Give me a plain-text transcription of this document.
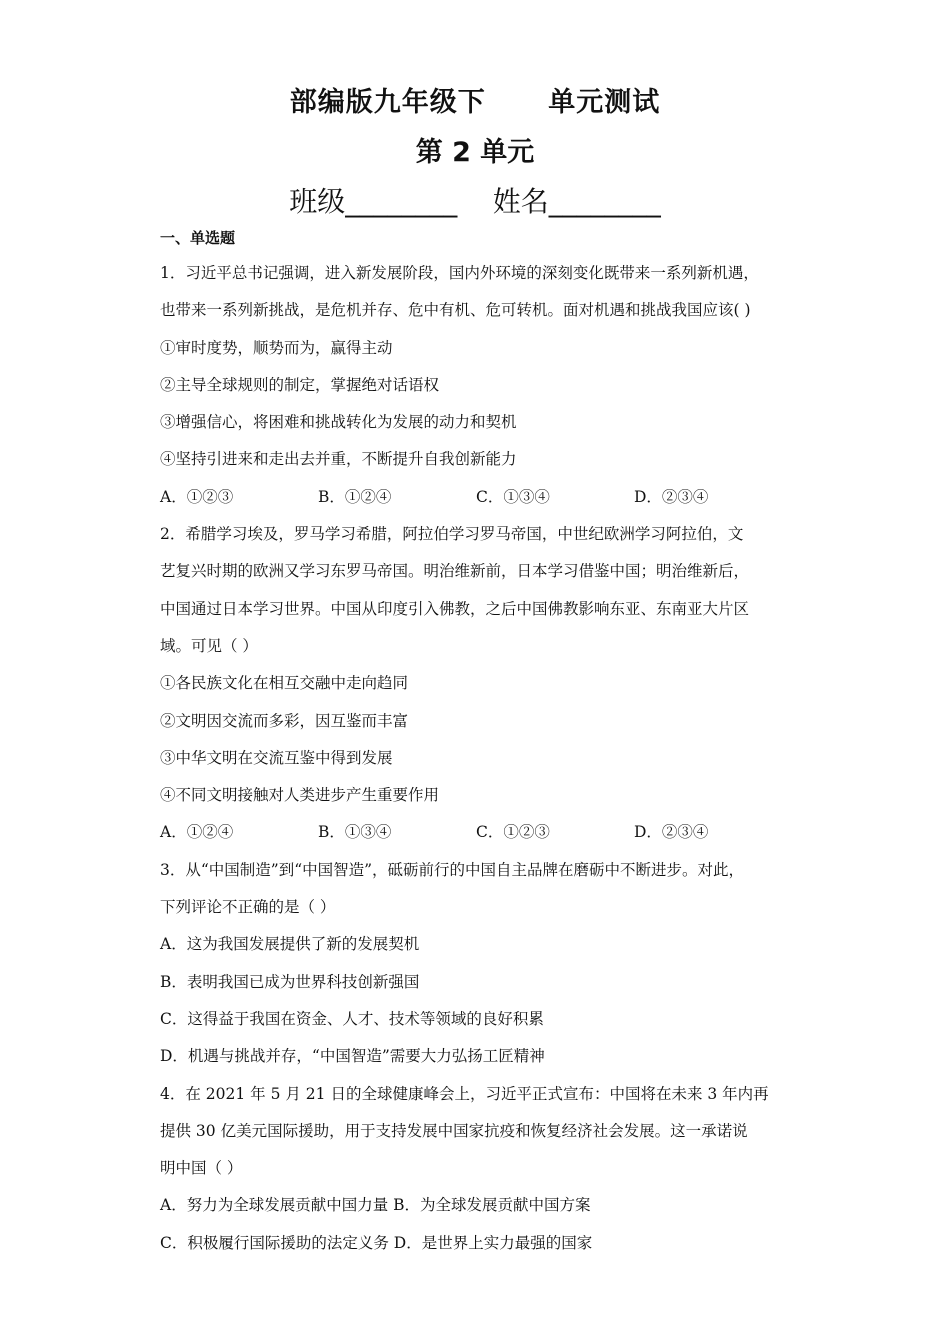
部编版九年级下      单元测试
第 2 单元
班级________    姓名________
一、单选题
1．习近平总书记强调，进入新发展阶段，国内外环境的深刻变化既带来一系列新机遇，
也带来一系列新挑战，是危机并存、危中有机、危可转机。面对机遇和挑战我国应该( )
①审时度势，顺势而为，赢得主动
②主导全球规则的制定，掌握绝对话语权
③增强信心，将困难和挑战转化为发展的动力和契机
④坚持引进来和走出去并重，不断提升自我创新能力
A．①②③	B．①②④	C．①③④	D．②③④
2．希腊学习埃及，罗马学习希腊，阿拉伯学习罗马帝国，中世纪欧洲学习阿拉伯，文
艺复兴时期的欧洲又学习东罗马帝国。明治维新前，日本学习借鉴中国；明治维新后，
中国通过日本学习世界。中国从印度引入佛教，之后中国佛教影响东亚、东南亚大片区
域。可见（ ）
①各民族文化在相互交融中走向趋同
②文明因交流而多彩，因互鉴而丰富
③中华文明在交流互鉴中得到发展
④不同文明接触对人类进步产生重要作用
A．①②④	B．①③④	C．①②③	D．②③④
3．从“中国制造”到“中国智造”，砥砺前行的中国自主品牌在磨砺中不断进步。对此，
下列评论不正确的是（ ）
A．这为我国发展提供了新的发展契机
B．表明我国已成为世界科技创新强国
C．这得益于我国在资金、人才、技术等领域的良好积累
D．机遇与挑战并存，“中国智造”需要大力弘扬工匠精神
4．在 2021 年 5 月 21 日的全球健康峰会上，习近平正式宣布：中国将在未来 3 年内再
提供 30 亿美元国际援助，用于支持发展中国家抗疫和恢复经济社会发展。这一承诺说
明中国（ ）
A．努力为全球发展贡献中国力量 B．为全球发展贡献中国方案
C．积极履行国际援助的法定义务 D．是世界上实力最强的国家
